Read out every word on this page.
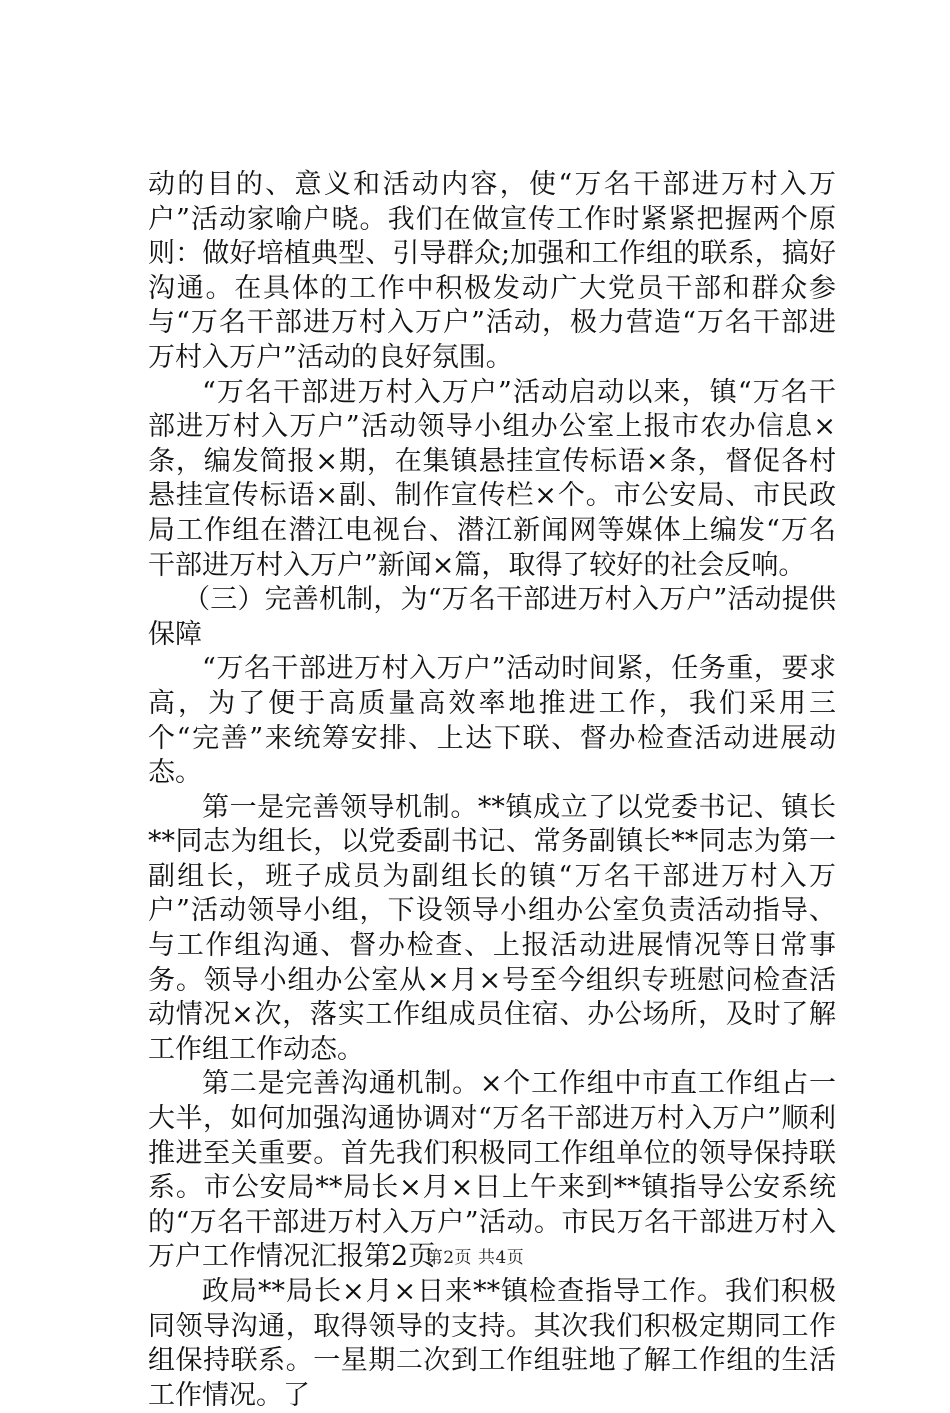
动的目的、意义和活动内容，使“万名干部进万村入万户”活动家喻户晓。我们在做宣传工作时紧紧把握两个原则：做好培植典型、引导群众;加强和工作组的联系，搞好沟通。在具体的工作中积极发动广大党员干部和群众参与“万名干部进万村入万户”活动，极力营造“万名干部进万村入万户”活动的良好氛围。

“万名干部进万村入万户”活动启动以来，镇“万名干部进万村入万户”活动领导小组办公室上报市农办信息×条，编发简报×期，在集镇悬挂宣传标语×条，督促各村悬挂宣传标语×副、制作宣传栏×个。市公安局、市民政局工作组在潜江电视台、潜江新闻网等媒体上编发“万名干部进万村入万户”新闻×篇，取得了较好的社会反响。

（三）完善机制，为“万名干部进万村入万户”活动提供保障

“万名干部进万村入万户”活动时间紧，任务重，要求高，为了便于高质量高效率地推进工作，我们采用三个“完善”来统筹安排、上达下联、督办检查活动进展动态。

第一是完善领导机制。**镇成立了以党委书记、镇长**同志为组长，以党委副书记、常务副镇长**同志为第一副组长，班子成员为副组长的镇“万名干部进万村入万户”活动领导小组，下设领导小组办公室负责活动指导、与工作组沟通、督办检查、上报活动进展情况等日常事务。领导小组办公室从×月×号至今组织专班慰问检查活动情况×次，落实工作组成员住宿、办公场所，及时了解工作组工作动态。

第二是完善沟通机制。×个工作组中市直工作组占一大半，如何加强沟通协调对“万名干部进万村入万户”顺利推进至关重要。首先我们积极同工作组单位的领导保持联系。市公安局**局长×月×日上午来到**镇指导公安系统的“万名干部进万村入万户”活动。市民万名干部进万村入万户工作情况汇报第2页

政局**局长×月×日来**镇检查指导工作。我们积极同领导沟通，取得领导的支持。其次我们积极定期同工作组保持联系。一星期二次到工作组驻地了解工作组的生活工作情况。了

第2页 共4页
